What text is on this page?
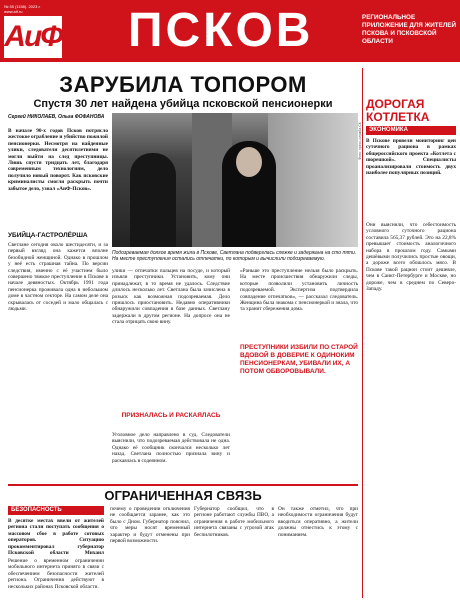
№ 35 (1158). 2023 г.
www.aif.ru
АиФ ПСКОВ	РЕГИОНАЛЬНОЕ ПРИЛОЖЕНИЕ ДЛЯ ЖИТЕЛЕЙ ПСКОВА И ПСКОВСКОЙ ОБЛАСТИ
ЗАРУБИЛА ТОПОРОМ
Спустя 30 лет найдена убийца псковской пенсионерки
Сергей НИКОЛАЕВ, Ольга ФОФАНОВА
В начале 90-х годов Псков потрясло жестокое ограбление и убийство пожилой пенсионерки. Несмотря на найденные улики, следователи десятилетиями не могли выйти на след преступницы. Лишь спустя тридцать лет, благодаря современным технологиям, дело получило новый поворот. Как псковские криминалисты смогли раскрыть почти забытое дело, узнал «АиФ-Псков».
УБИЙЦА-ГАСТРОЛЁРША
Светлане сегодня около шестидесяти, и за первый взгляд она кажется вполне безобидной женщиной. Однако в прошлом у неё есть страшная тайна. По версии следствия, именно с её участием было совершено тяжкое преступление в Пскове в начале девяностых. Октябрь 1991 года пенсионерка проживала одна в небольшом доме в частном секторе. На самом деле она скрывалась от соседей и мало общалась с людьми.
Фото: пресс-служба СК
Подозреваемая долгое время жила в Пскове, Светлана подверглась слежке и задержана на сто пяти. На месте преступления остались отпечатки, по которым и вычислили подозреваемую.
улики — отпечатки пальцев на посуде, и который изъяли преступники. Установить, кому они принадлежат, в то время не удалось. Следствие длилось несколько лет. Светлана была зачислена в розыск как возможная подозреваемая. Дело пришлось приостановить. Недавно оперативники обнаружили совпадения в базе данных. Светлану задержали в другом регионе. На допросе она не стала отрицать свою вину.
ПРИЗНАЛАСЬ И РАСКАЯЛАСЬ
Уголовное дело направлено в суд. Следователи выяснили, что подозреваемая действовала не одна. Однако её сообщник скончался несколько лет назад. Светлана полностью признала вину и раскаялась в содеянном.
«Раньше это преступление нельзя было раскрыть. На месте происшествия обнаружили следы, которые позволили установить личность подозреваемой. Экспертиза подтвердила совпадение отпечатков», — рассказал следователь. Женщина была знакома с пенсионеркой и знала, что та хранит сбережения дома.
ПРЕСТУПНИКИ ИЗБИЛИ ПО СТАРОЙ ВДОВОЙ В ДОВЕРИЕ К ОДИНОКИМ ПЕНСИОНЕРКАМ, УБИВАЛИ ИХ, А ПОТОМ ОБВОРОВЫВАЛИ.
ДОРОГАЯ КОТЛЕТКА
ЭКОНОМИКА
В Пскове провели мониторинг цен суточного рациона в рамках общероссийского проекта «Котлета с пюрешкой». Специалисты проанализировали стоимость двух наиболее популярных позиций.
Они выяснили, что себестоимость условного суточного рациона составила 565,37 рублей. Это на 22,8% превышает стоимость аналогичного набора в прошлом году. Самыми дешёвыми получились простые овощи, а дороже всего обошлось мясо. В Пскове такой рацион стоит дешевле, чем в Санкт-Петербурге и Москве, но дороже, чем в среднем по Северо-Западу.
ОГРАНИЧЕННАЯ СВЯЗЬ
БЕЗОПАСНОСТЬ
В десятке местах ввели от жителей региона стали поступать сообщения о массовом сбое в работе сотовых операторов. Ситуацию прокомментировал губернатор Псковской области Михаил
Решение о временном ограничении мобильного интернета принято в связи с обеспечением безопасности жителей региона. Ограничения действуют в нескольких районах Псковской области.
почему о проведении отключения не сообщается заранее, как это было с Дном. Губернатор пояснил, что меры носят временный характер и будут отменены при первой возможности.
Губернатор сообщил, что в регионе работают службы ПВО, а ограничения в работе мобильного интернета связаны с угрозой атак беспилотников.
Он также отметил, что при необходимости ограничения будут вводиться оперативно, а жители должны отнестись к этому с пониманием.
